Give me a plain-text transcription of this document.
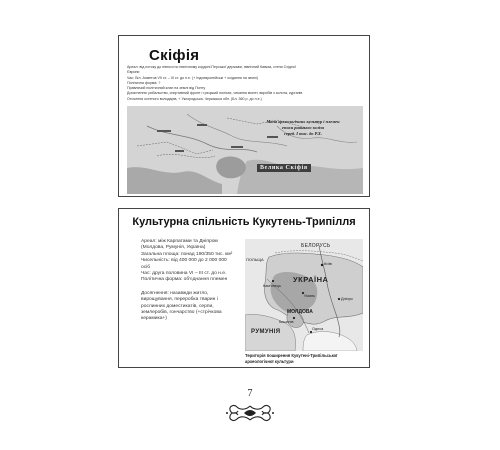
Скіфія
Ареал: від потоку до півночі по північному кордоні Перської держави, північний Кавказ, степи Східної
Європи
Час: Біл. Ахметов VII ст. – III ст. до н.е. (+ Індоєвропейські + осідання на землі)
Політична форма: ?
Правлячий політичний клан на землі від Понту
Досягнення: рибальство, спортивний фронт і грецький полісах, чекання монет, виробів з золота, курганів
Оточення остеного володарів, + Ужгородська, Черкаська обл. (Бл. 360 р. до н.е.)
Мапа археологічних культур і племен
епохи раннього заліза
серед. I тис. до Р.Х.
Велика Скіфія
Культурна спільність Кукутень-Трипілля

Ареал: між Карпатами та Дніпром (Молдова, Румунія, Україна)

Загальна площа: понад 190/350 тис. км² Чисельність: від 400 000 до 2 000 000 осіб

Час: друга половина VI – III ст. до н.е.

Політична форма: об'єднання племен

Досягнення: назавжди житло, вирощування, переробка тварин і рослинних доместикатів, серпи, землеробів, гончарство (+стрічкова керамика+)

БЕЛОРУСЬ
ПОЛЬЩА
Київ
УКРАЇНА
Кам'янець
Умань
Дніпро
МОЛДОВА
Кишинів
Одеса
РУМУНІЯ
Територія поширення Кукутені-Трипільської археологічної культури
7
